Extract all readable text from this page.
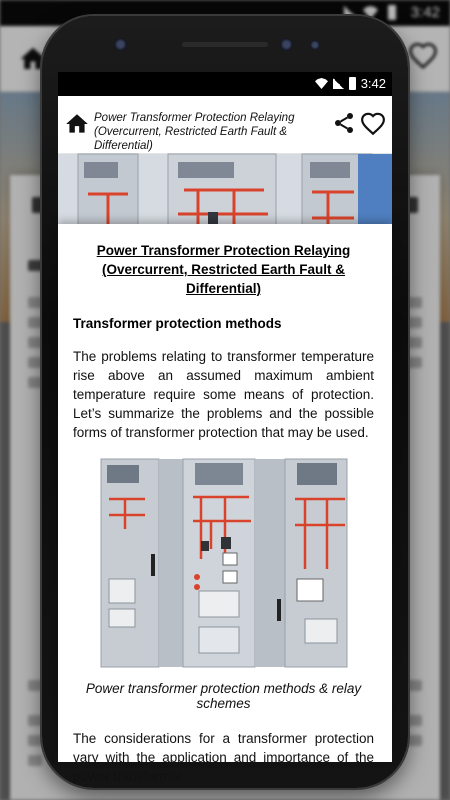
3:42
3:42
Power Transformer Protection Relaying (Overcurrent, Restricted Earth Fault & Differential)
Power Transformer Protection Relaying (Overcurrent, Restricted Earth Fault & Differential)
Transformer protection methods
The problems relating to transformer temperature rise above an assumed maximum ambient temperature require some means of protection. Let’s summarize the problems and the possible forms of transformer protection that may be used.
Power transformer protection methods & relay schemes
The considerations for a transformer protection vary with the application and importance of the power transformer.
